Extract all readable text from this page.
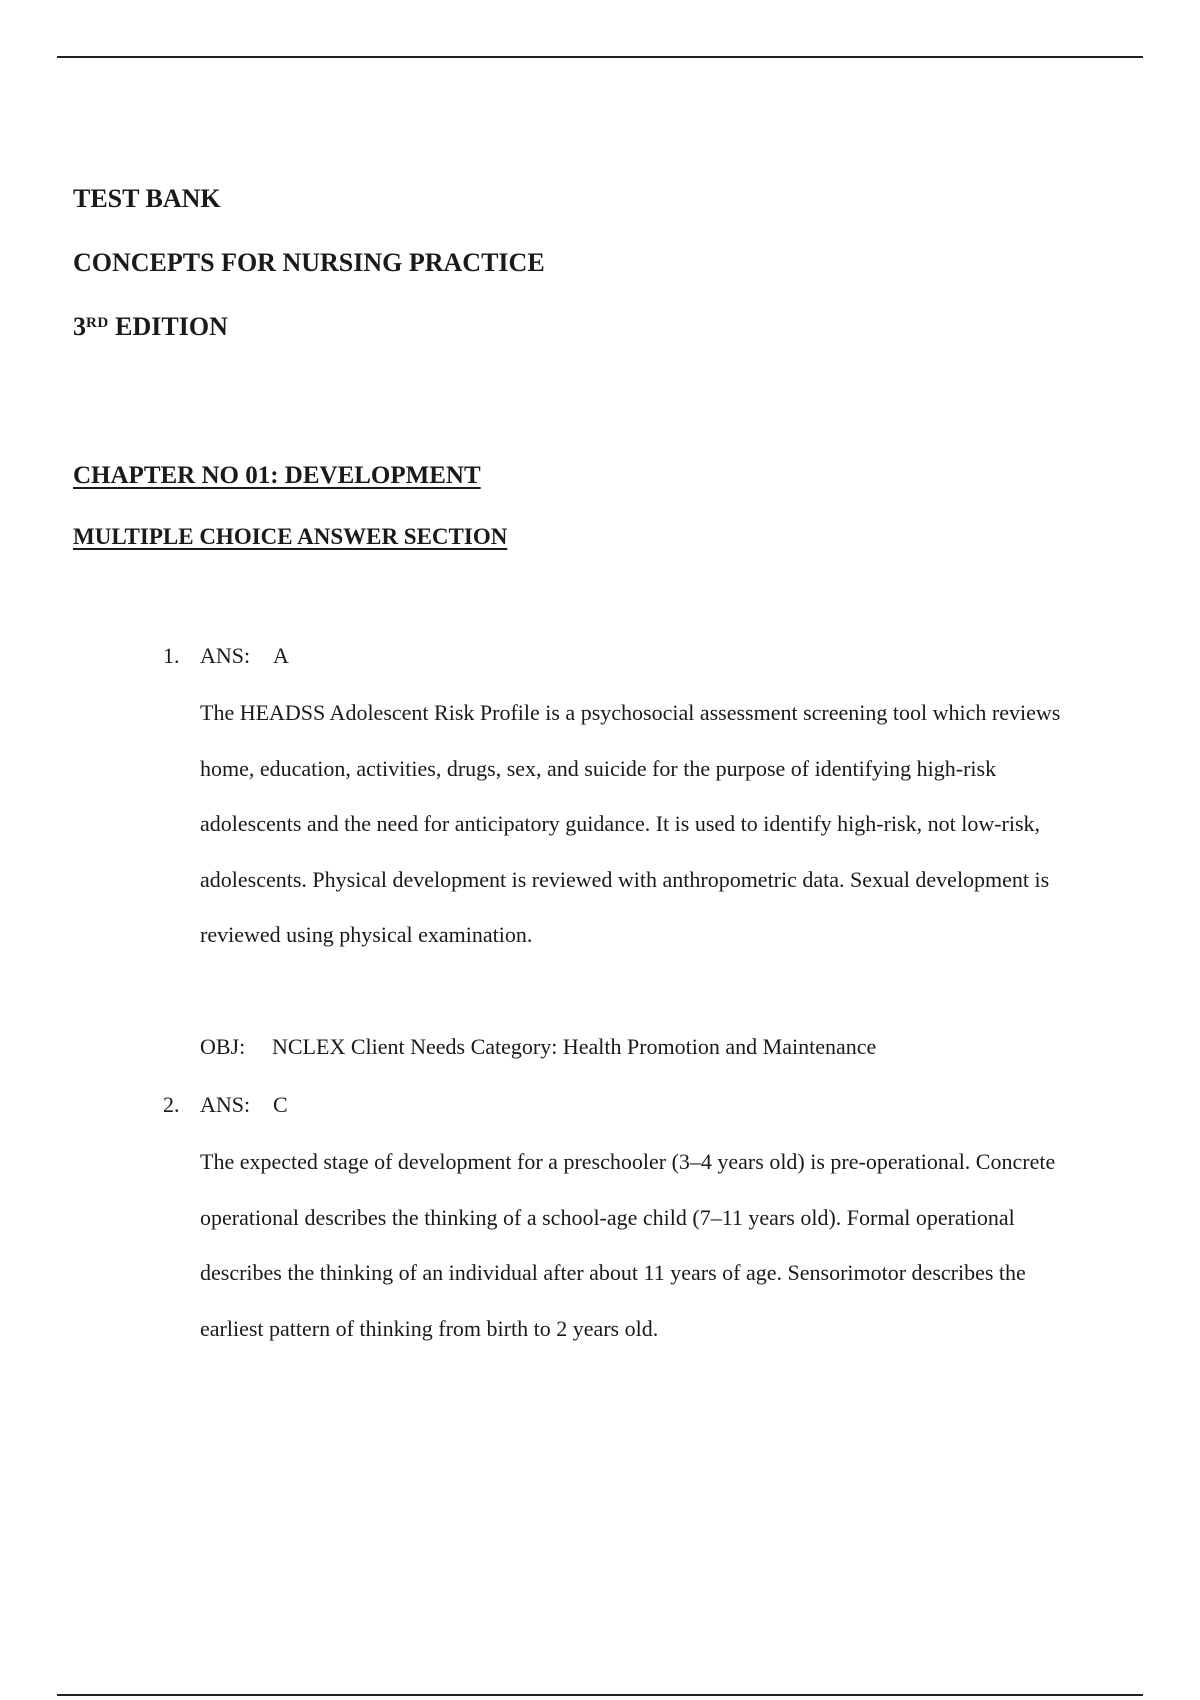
TEST BANK
CONCEPTS FOR NURSING PRACTICE
3RD EDITION
CHAPTER NO 01: DEVELOPMENT
MULTIPLE CHOICE ANSWER SECTION
1. ANS: A

The HEADSS Adolescent Risk Profile is a psychosocial assessment screening tool which reviews

home, education, activities, drugs, sex, and suicide for the purpose of identifying high-risk

adolescents and the need for anticipatory guidance. It is used to identify high-risk, not low-risk,

adolescents. Physical development is reviewed with anthropometric data. Sexual development is

reviewed using physical examination.

OBJ: NCLEX Client Needs Category: Health Promotion and Maintenance
2. ANS: C

The expected stage of development for a preschooler (3–4 years old) is pre-operational. Concrete

operational describes the thinking of a school-age child (7–11 years old). Formal operational

describes the thinking of an individual after about 11 years of age. Sensorimotor describes the

earliest pattern of thinking from birth to 2 years old.
